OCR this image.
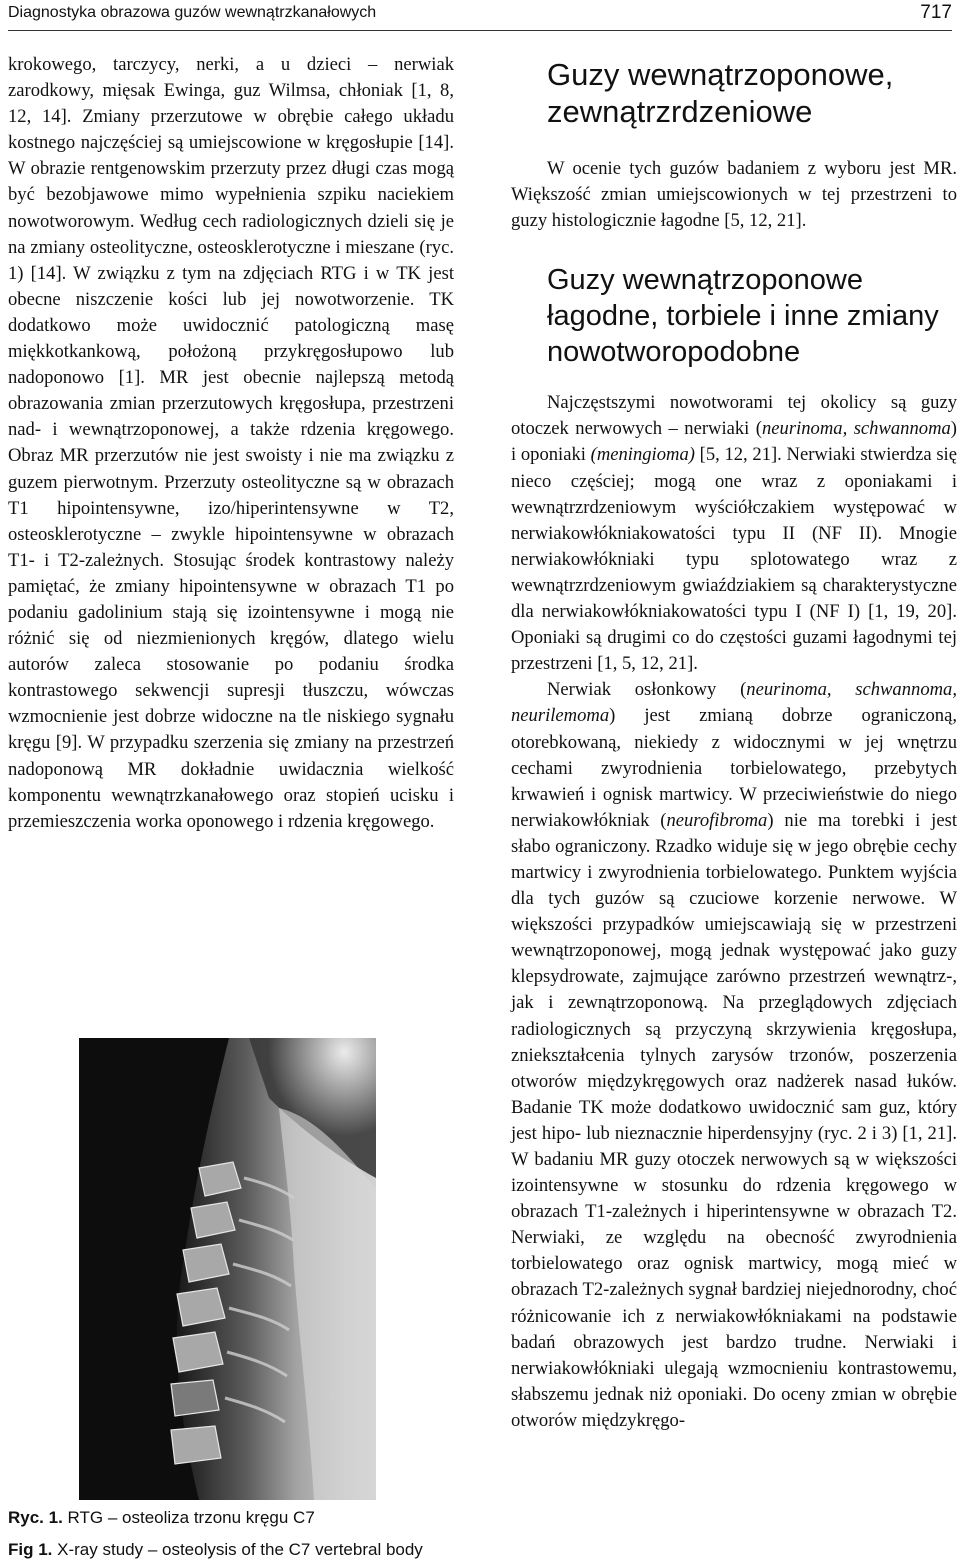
Diagnostyka obrazowa guzów wewnątrzkanałowych	717

krokowego, tarczycy, nerki, a u dzieci – nerwiak zarodkowy, mięsak Ewinga, guz Wilmsa, chłoniak [1, 8, 12, 14]. Zmiany przerzutowe w obrębie całego układu kostnego najczęściej są umiejscowione w kręgosłupie [14]. W obrazie rentgenowskim przerzuty przez długi czas mogą być bezobjawowe mimo wypełnienia szpiku naciekiem nowotworowym. Według cech radiologicznych dzieli się je na zmiany osteolityczne, osteosklerotyczne i mieszane (ryc. 1) [14]. W związku z tym na zdjęciach RTG i w TK jest obecne niszczenie kości lub jej nowotworzenie. TK dodatkowo może uwidocznić patologiczną masę miękkotkankową, położoną przykręgosłupowo lub nadoponowo [1]. MR jest obecnie najlepszą metodą obrazowania zmian przerzutowych kręgosłupa, przestrzeni nad- i wewnątrzoponowej, a także rdzenia kręgowego. Obraz MR przerzutów nie jest swoisty i nie ma związku z guzem pierwotnym. Przerzuty osteolityczne są w obrazach T1 hipointensywne, izo/hiperintensywne w T2, osteosklerotyczne – zwykle hipointensywne w obrazach T1- i T2-zależnych. Stosując środek kontrastowy należy pamiętać, że zmiany hipointensywne w obrazach T1 po podaniu gadolinium stają się izointensywne i mogą nie różnić się od niezmienionych kręgów, dlatego wielu autorów zaleca stosowanie po podaniu środka kontrastowego sekwencji supresji tłuszczu, wówczas wzmocnienie jest dobrze widoczne na tle niskiego sygnału kręgu [9]. W przypadku szerzenia się zmiany na przestrzeń nadoponową MR dokładnie uwidacznia wielkość komponentu wewnątrzkanałowego oraz stopień ucisku i przemieszczenia worka oponowego i rdzenia kręgowego.

Ryc. 1. RTG – osteoliza trzonu kręgu C7
Fig 1. X-ray study – osteolysis of the C7 vertebral body
Guzy wewnątrzoponowe, zewnątrzrdzeniowe

W ocenie tych guzów badaniem z wyboru jest MR. Większość zmian umiejscowionych w tej przestrzeni to guzy histologicznie łagodne [5, 12, 21].

Guzy wewnątrzoponowe łagodne, torbiele i inne zmiany nowotworopodobne

Najczęstszymi nowotworami tej okolicy są guzy otoczek nerwowych – nerwiaki (neurinoma, schwannoma) i oponiaki (meningioma) [5, 12, 21]. Nerwiaki stwierdza się nieco częściej; mogą one wraz z oponiakami i wewnątrzrdzeniowym wyściółczakiem występować w nerwiakowłókniakowatości typu II (NF II). Mnogie nerwiakowłókniaki typu splotowatego wraz z wewnątrzrdzeniowym gwiaździakiem są charakterystyczne dla nerwiakowłókniakowatości typu I (NF I) [1, 19, 20]. Oponiaki są drugimi co do częstości guzami łagodnymi tej przestrzeni [1, 5, 12, 21].

Nerwiak osłonkowy (neurinoma, schwannoma, neurilemoma) jest zmianą dobrze ograniczoną, otorebkowaną, niekiedy z widocznymi w jej wnętrzu cechami zwyrodnienia torbielowatego, przebytych krwawień i ognisk martwicy. W przeciwieństwie do niego nerwiakowłókniak (neurofibroma) nie ma torebki i jest słabo ograniczony. Rzadko widuje się w jego obrębie cechy martwicy i zwyrodnienia torbielowatego. Punktem wyjścia dla tych guzów są czuciowe korzenie nerwowe. W większości przypadków umiejscawiają się w przestrzeni wewnątrzoponowej, mogą jednak występować jako guzy klepsydrowate, zajmujące zarówno przestrzeń wewnątrz-, jak i zewnątrzoponową. Na przeglądowych zdjęciach radiologicznych są przyczyną skrzywienia kręgosłupa, zniekształcenia tylnych zarysów trzonów, poszerzenia otworów międzykręgowych oraz nadżerek nasad łuków. Badanie TK może dodatkowo uwidocznić sam guz, który jest hipo- lub nieznacznie hiperdensyjny (ryc. 2 i 3) [1, 21]. W badaniu MR guzy otoczek nerwowych są w większości izointensywne w stosunku do rdzenia kręgowego w obrazach T1-zależnych i hiperintensywne w obrazach T2. Nerwiaki, ze względu na obecność zwyrodnienia torbielowatego oraz ognisk martwicy, mogą mieć w obrazach T2-zależnych sygnał bardziej niejednorodny, choć różnicowanie ich z nerwiakowłókniakami na podstawie badań obrazowych jest bardzo trudne. Nerwiaki i nerwiakowłókniaki ulegają wzmocnieniu kontrastowemu, słabszemu jednak niż oponiaki. Do oceny zmian w obrębie otworów międzykręgo-
